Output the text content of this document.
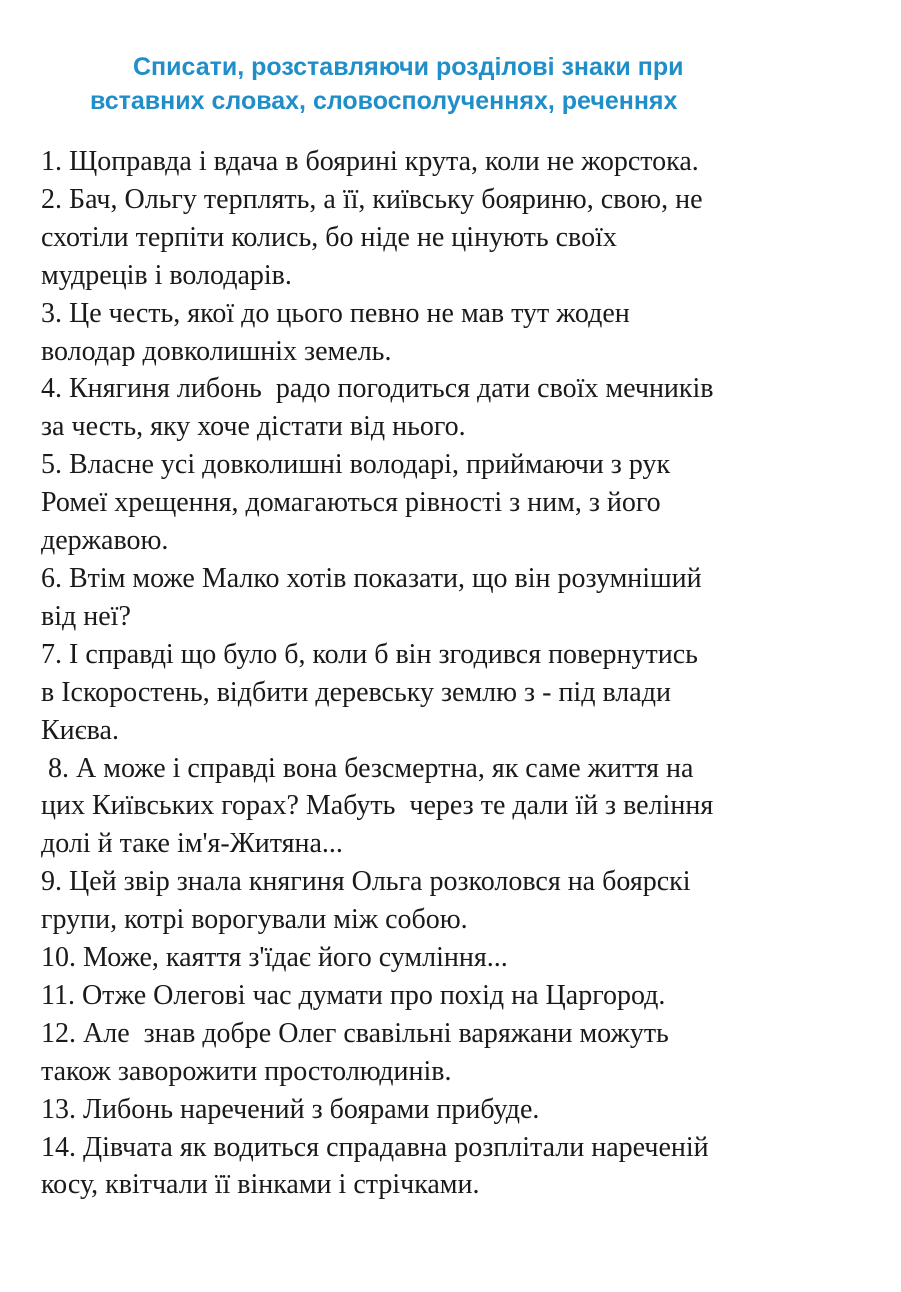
Списати, розставляючи розділові знаки при
вставних словах, словосполученнях, реченнях
1. Щоправда і вдача в боярині крута, коли не жорстока.
2. Бач, Ольгу терплять, а її, київську бояриню, свою, не
схотіли терпіти колись, бо ніде не цінують своїх
мудреців і володарів.
3. Це честь, якої до цього певно не мав тут жоден
володар довколишніх земель.
4. Княгиня либонь  радо погодиться дати своїх мечників
за честь, яку хоче дістати від нього.
5. Власне усі довколишні володарі, приймаючи з рук
Ромеї хрещення, домагаються рівності з ним, з його
державою.
6. Втім може Малко хотів показати, що він розумніший
від неї?
7. І справді що було б, коли б він згодився повернутись
в Іскоростень, відбити деревську землю з - під влади
Києва.
8. А може і справді вона безсмертна, як саме життя на
цих Київських горах? Мабуть  через те дали їй з веління
долі й таке ім'я-Житяна...
9. Цей звір знала княгиня Ольга розколовся на боярскі
групи, котрі ворогували між собою.
10. Може, каяття з'їдає його сумління...
11. Отже Олегові час думати про похід на Царгород.
12. Але  знав добре Олег свавільні варяжани можуть
також заворожити простолюдинів.
13. Либонь наречений з боярами прибуде.
14. Дівчата як водиться спрадавна розплітали нареченій
косу, квітчали її вінками і стрічками.
